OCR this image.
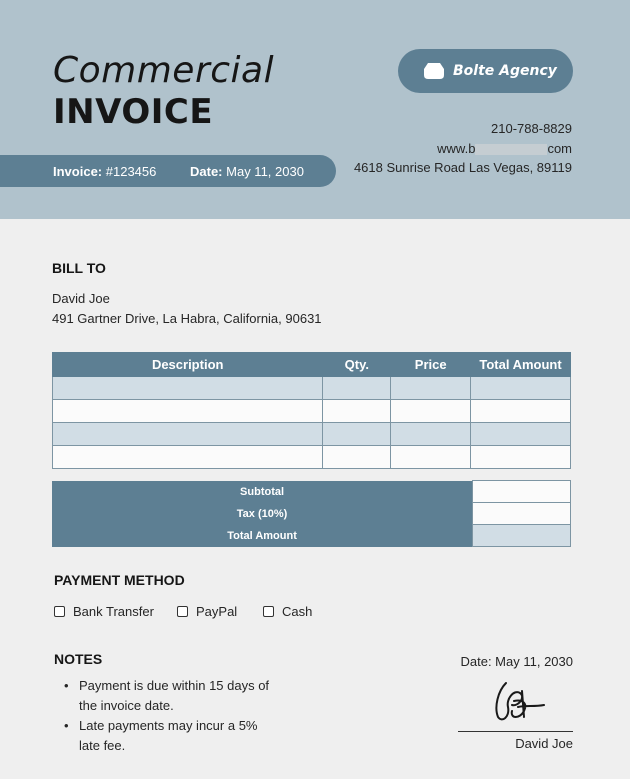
Commercial
INVOICE
Bolte Agency
210-788-8829
www.b	com
4618 Sunrise Road Las Vegas, 89119
Invoice: #123456	Date: May 11, 2030
BILL TO
David Joe
491 Gartner Drive, La Habra, California, 90631
Description	Qty.	Price	Total Amount

Subtotal	
Tax (10%)	
Total Amount	
PAYMENT METHOD
Bank Transfer	PayPal	Cash
NOTES
• Payment is due within 15 days of the invoice date.
• Late payments may incur a 5% late fee.
Date: May 11, 2030
David Joe
